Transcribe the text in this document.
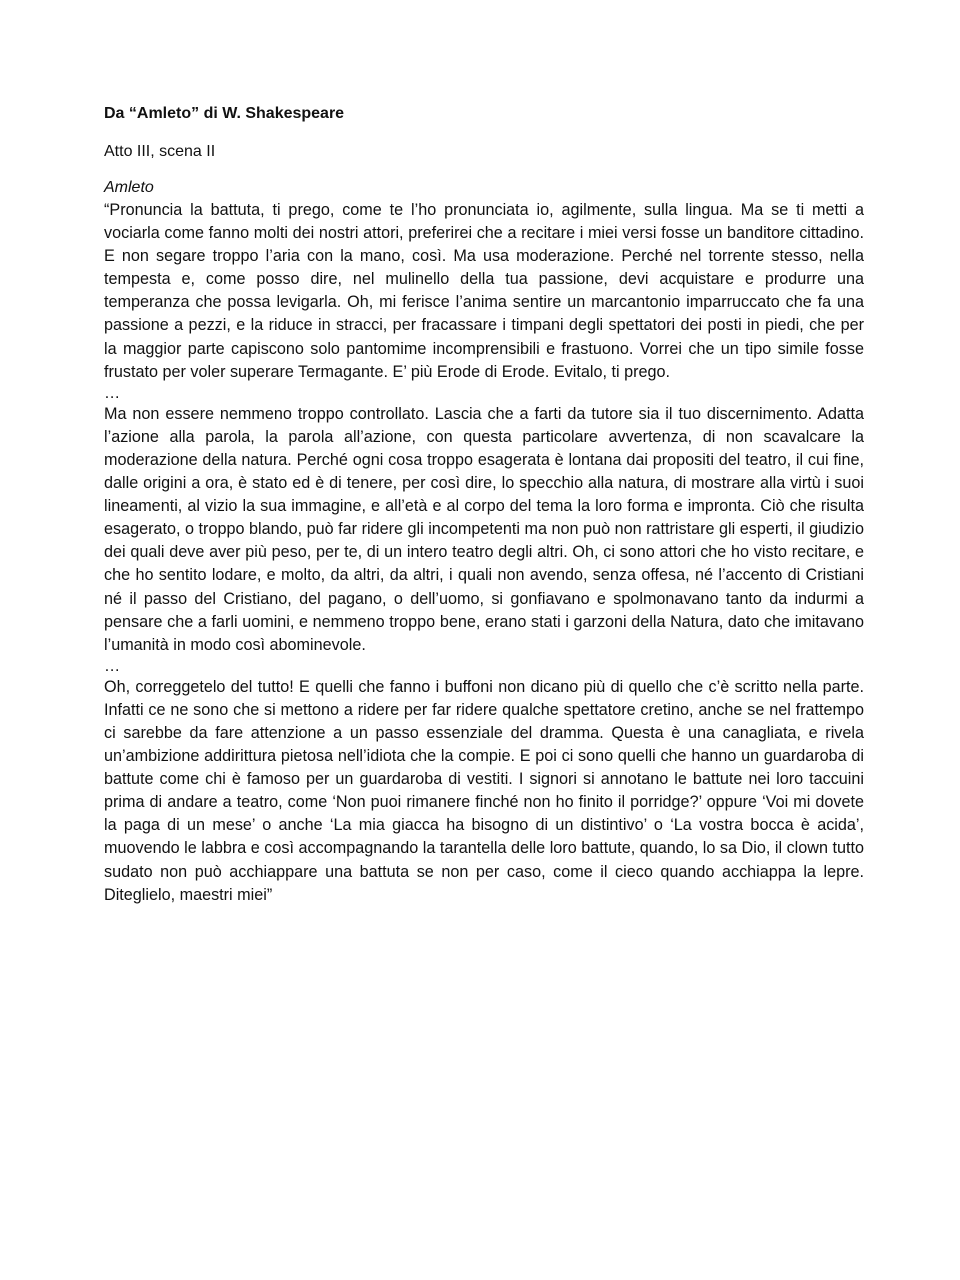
Da “Amleto” di W. Shakespeare

Atto III, scena II

Amleto

“Pronuncia la battuta, ti prego, come te l’ho pronunciata io, agilmente, sulla lingua. Ma se ti metti a vociarla come fanno molti dei nostri attori, preferirei che a recitare i miei versi fosse un banditore cittadino. E non segare troppo l’aria con la mano, così. Ma usa moderazione. Perché nel torrente stesso, nella tempesta e, come posso dire, nel mulinello della tua passione, devi acquistare e produrre una temperanza che possa levigarla. Oh, mi ferisce l’anima sentire un marcantonio imparruccato che fa una passione a pezzi, e la riduce in stracci, per fracassare i timpani degli spettatori dei posti in piedi, che per la maggior parte capiscono solo pantomime incomprensibili e frastuono. Vorrei che un tipo simile fosse frustato per voler superare Termagante. E’ più Erode di Erode. Evitalo, ti prego.

…

Ma non essere nemmeno troppo controllato. Lascia che a farti da tutore sia il tuo discernimento. Adatta l’azione alla parola, la parola all’azione, con questa particolare avvertenza, di non scavalcare la moderazione della natura. Perché ogni cosa troppo esagerata è lontana dai propositi del teatro, il cui fine, dalle origini a ora, è stato ed è di tenere, per così dire, lo specchio alla natura, di mostrare alla virtù i suoi lineamenti, al vizio la sua immagine, e all’età e al corpo del tema la loro forma e impronta. Ciò che risulta esagerato, o troppo blando, può far ridere gli incompetenti ma non può non rattristare gli esperti, il giudizio dei quali deve aver più peso, per te, di un intero teatro degli altri. Oh, ci sono attori che ho visto recitare, e che ho sentito lodare, e molto, da altri, da altri, i quali non avendo, senza offesa, né l’accento di Cristiani né il passo del Cristiano, del pagano, o dell’uomo, si gonfiavano e spolmonavano tanto da indurmi a pensare che a farli uomini, e nemmeno troppo bene, erano stati i garzoni della Natura, dato che imitavano l’umanità in modo così abominevole.

…

Oh, correggetelo del tutto! E quelli che fanno i buffoni non dicano più di quello che c’è scritto nella parte. Infatti ce ne sono che si mettono a ridere per far ridere qualche spettatore cretino, anche se nel frattempo ci sarebbe da fare attenzione a un passo essenziale del dramma. Questa è una canagliata, e rivela un’ambizione addirittura pietosa nell’idiota che la compie. E poi ci sono quelli che hanno un guardaroba di battute come chi è famoso per un guardaroba di vestiti. I signori si annotano le battute nei loro taccuini prima di andare a teatro, come ‘Non puoi rimanere finché non ho finito il porridge?’ oppure ‘Voi mi dovete la paga di un mese’ o anche ‘La mia giacca ha bisogno di un distintivo’ o ‘La vostra bocca è acida’, muovendo le labbra e così accompagnando la tarantella delle loro battute, quando, lo sa Dio, il clown tutto sudato non può acchiappare una battuta se non per caso, come il cieco quando acchiappa la lepre. Diteglielo, maestri miei”
